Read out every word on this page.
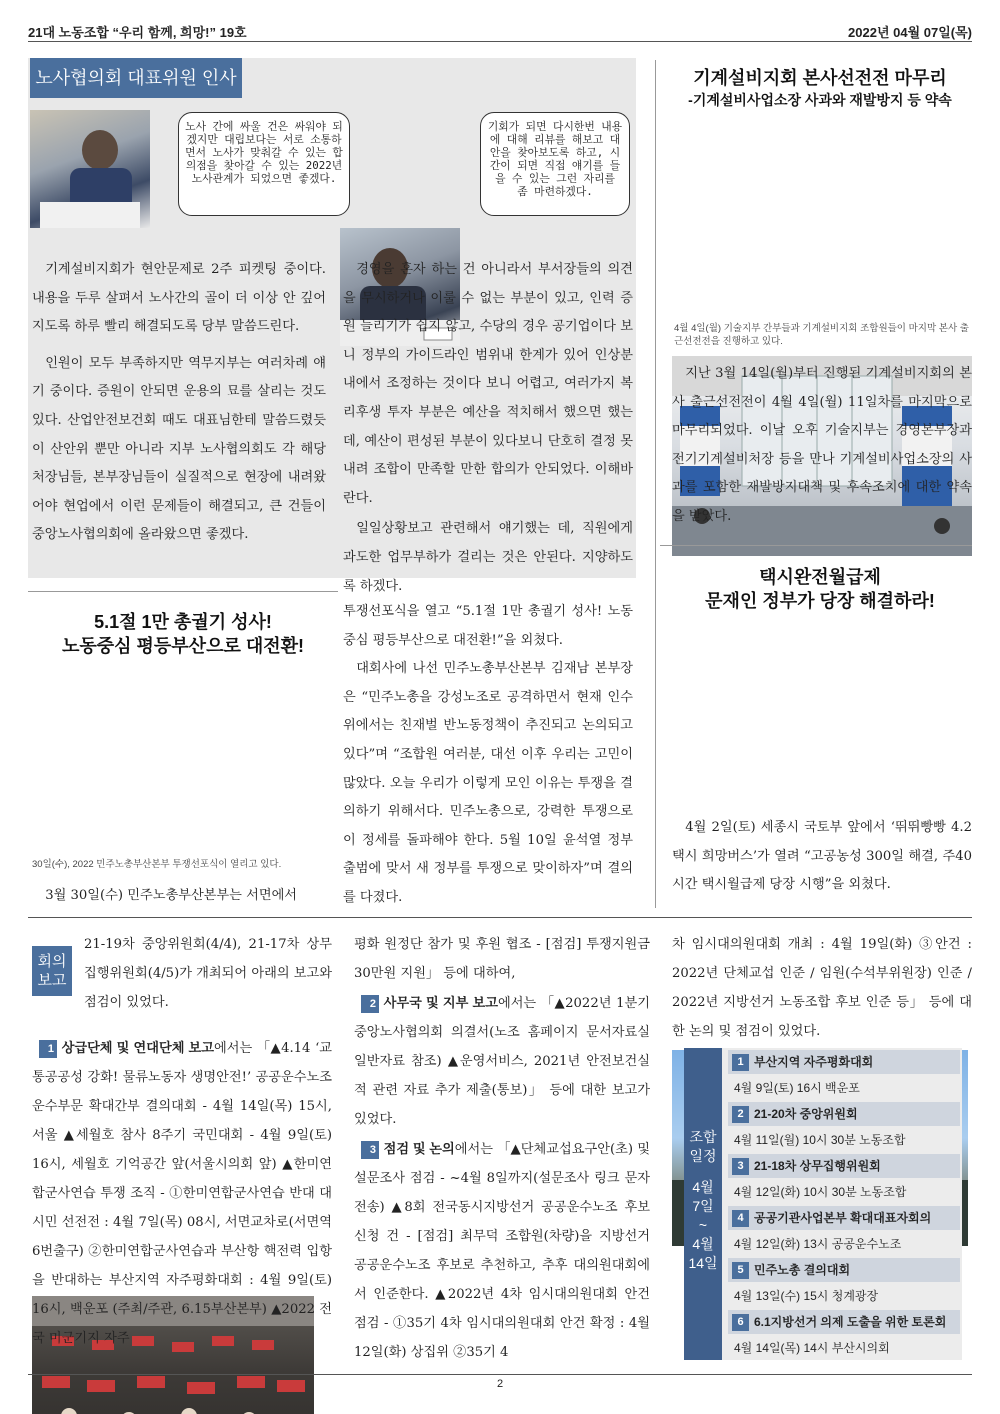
21대 노동조합 “우리 함께, 희망!” 19호	2022년 04월 07일(목)
노사협의회 대표위원 인사
노사 간에 싸울 건은 싸워야 되겠지만 대립보다는 서로 소통하면서 노사가 맞춰갈 수 있는 합의점을 찾아갈 수 있는 2022년 노사관계가 되었으면 좋겠다.
기회가 되면 다시한번 내용에 대해 리뷰를 해보고 대안을 찾아보도록 하고, 시간이 되면 직접 얘기를 들을 수 있는 그런 자리를 좀 마련하겠다.

기계설비지회가 현안문제로 2주 피켓팅 중이다. 내용을 두루 살펴서 노사간의 골이 더 이상 안 깊어지도록 하루 빨리 해결되도록 당부 말씀드린다.

인원이 모두 부족하지만 역무지부는 여러차례 얘기 중이다. 증원이 안되면 운용의 묘를 살리는 것도 있다. 산업안전보건회 때도 대표님한테 말씀드렸듯이 산안위 뿐만 아니라 지부 노사협의회도 각 해당 처장님들, 본부장님들이 실질적으로 현장에 내려왔어야 현업에서 이런 문제들이 해결되고, 큰 건들이 중앙노사협의회에 올라왔으면 좋겠다.

경영을 혼자 하는 건 아니라서 부서장들의 의견을 무시하거나 이룰 수 없는 부분이 있고, 인력 증원 늘리기가 쉽지 않고, 수당의 경우 공기업이다 보니 정부의 가이드라인 범위내 한계가 있어 인상분 내에서 조정하는 것이다 보니 어렵고, 여러가지 복리후생 투자 부분은 예산을 적치해서 했으면 했는 데, 예산이 편성된 부분이 있다보니 단호히 결정 못내려 조합이 만족할 만한 합의가 안되었다. 이해바란다.

일일상황보고 관련해서 얘기했는 데, 직원에게 과도한 업무부하가 걸리는 것은 안된다. 지양하도록 하겠다.

기계설비지회 본사선전전 마무리
-기계설비사업소장 사과와 재발방지 등 약속
4월 4일(월) 기술지부 간부들과 기계설비지회 조합원들이 마지막 본사 출근선전전을 진행하고 있다.

지난 3월 14일(월)부터 진행된 기계설비지회의 본사 출근선전전이 4월 4일(월) 11일차를 마지막으로 마무리되었다. 이날 오후 기술지부는 경영본부장과 전기기계설비처장 등을 만나 기계설비사업소장의 사과를 포함한 재발방지대책 및 후속조치에 대한 약속을 받았다.

택시완전월급제
문재인 정부가 당장 해결하라!

4월 2일(토) 세종시 국토부 앞에서 ‘뛰뛰빵빵 4.2 택시 희망버스’가 열려 “고공농성 300일 해결, 주40시간 택시월급제 당장 시행”을 외쳤다.

5.1절 1만 총궐기 성사!
노동중심 평등부산으로 대전환!
30일(수), 2022 민주노총부산본부 투쟁선포식이 열리고 있다.

3월 30일(수) 민주노총부산본부는 서면에서

투쟁선포식을 열고 “5.1절 1만 총궐기 성사! 노동중심 평등부산으로 대전환!”을 외쳤다.

대회사에 나선 민주노총부산본부 김재남 본부장은 “민주노총을 강성노조로 공격하면서 현재 인수위에서는 친재벌 반노동정책이 추진되고 논의되고 있다”며 “조합원 여러분, 대선 이후 우리는 고민이 많았다. 오늘 우리가 이렇게 모인 이유는 투쟁을 결의하기 위해서다. 민주노총으로, 강력한 투쟁으로 이 정세를 돌파해야 한다. 5월 10일 윤석열 정부 출범에 맞서 새 정부를 투쟁으로 맞이하자”며 결의를 다졌다.

회의
보고

21-19차 중앙위원회(4/4), 21-17차 상무집행위원회(4/5)가 개최되어 아래의 보고와 점검이 있었다.

1 상급단체 및 연대단체 보고에서는 「▲4.14 ‘교통공공성 강화! 물류노동자 생명안전!’ 공공운수노조 운수부문 확대간부 결의대회 - 4월 14일(목) 15시, 서울 ▲세월호 참사 8주기 국민대회 - 4월 9일(토) 16시, 세월호 기억공간 앞(서울시의회 앞) ▲한미연합군사연습 투쟁 조직 - ①한미연합군사연습 반대 대시민 선전전 : 4월 7일(목) 08시, 서면교차로(서면역 6번출구) ②한미연합군사연습과 부산항 핵전력 입항을 반대하는 부산지역 자주평화대회 : 4월 9일(토) 16시, 백운포 (주최/주관, 6.15부산본부) ▲2022 전국 미군기지 자주

평화 원정단 참가 및 후원 협조 - [점검] 투쟁지원금 30만원 지원」 등에 대하여,

2 사무국 및 지부 보고에서는 「▲2022년 1분기 중앙노사협의회 의결서(노조 홈페이지 문서자료실 일반자료 참조) ▲운영서비스, 2021년 안전보건실적 관련 자료 추가 제출(통보)」 등에 대한 보고가 있었다.

3 점검 및 논의에서는 「▲단체교섭요구안(초) 및 설문조사 점검 - ~4월 8일까지(설문조사 링크 문자전송) ▲8회 전국동시지방선거 공공운수노조 후보 신청 건 - [점검] 최무덕 조합원(차량)을 지방선거 공공운수노조 후보로 추천하고, 추후 대의원대회에서 인준한다. ▲2022년 4차 임시대의원대회 안건 점검 - ①35기 4차 임시대의원대회 안건 확정 : 4월 12일(화) 상집위 ②35기 4

차 임시대의원대회 개최 : 4월 19일(화) ③안건 : 2022년 단체교섭 인준 / 임원(수석부위원장) 인준 / 2022년 지방선거 노동조합 후보 인준 등」 등에 대한 논의 및 점검이 있었다.

조합
일정
4월
7일
~
4월
14일
1 부산지역 자주평화대회
4월 9일(토) 16시 백운포
2 21-20차 중앙위원회
4월 11일(월) 10시 30분 노동조합
3 21-18차 상무집행위원회
4월 12일(화) 10시 30분 노동조합
4 공공기관사업본부 확대대표자회의
4월 12일(화) 13시 공공운수노조
5 민주노총 결의대회
4월 13일(수) 15시 청계광장
6 6.1지방선거 의제 도출을 위한 토론회
4월 14일(목) 14시 부산시의회
2
